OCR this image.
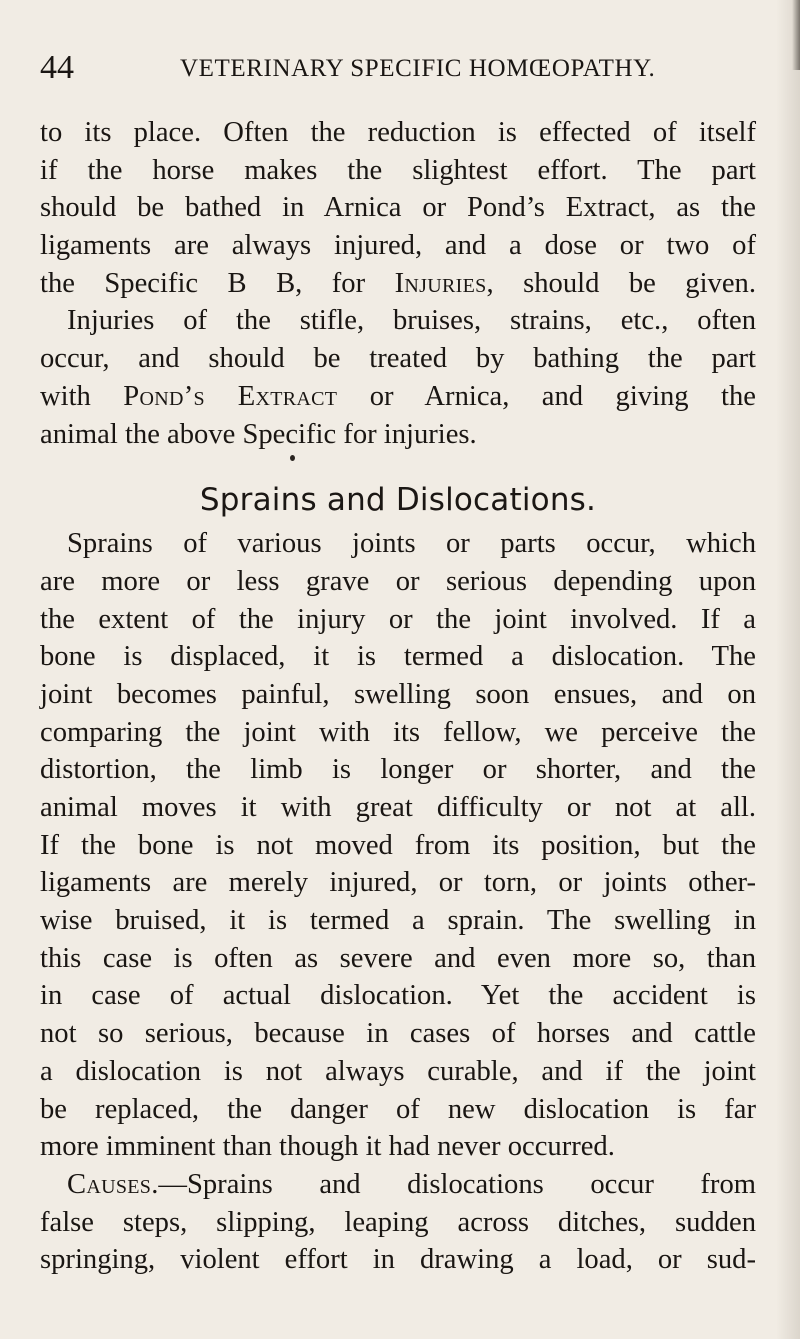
44	VETERINARY SPECIFIC HOMŒOPATHY.
to its place. Often the reduction is effected of itself
if the horse makes the slightest effort. The part
should be bathed in Arnica or Pond’s Extract, as the
ligaments are always injured, and a dose or two of
the Specific B B, for Injuries, should be given.
Injuries of the stifle, bruises, strains, etc., often
occur, and should be treated by bathing the part
with Pond’s Extract or Arnica, and giving the
animal the above Specific for injuries.
Sprains and Dislocations.
Sprains of various joints or parts occur, which
are more or less grave or serious depending upon
the extent of the injury or the joint involved. If a
bone is displaced, it is termed a dislocation. The
joint becomes painful, swelling soon ensues, and on
comparing the joint with its fellow, we perceive the
distortion, the limb is longer or shorter, and the
animal moves it with great difficulty or not at all.
If the bone is not moved from its position, but the
ligaments are merely injured, or torn, or joints other-
wise bruised, it is termed a sprain. The swelling in
this case is often as severe and even more so, than
in case of actual dislocation. Yet the accident is
not so serious, because in cases of horses and cattle
a dislocation is not always curable, and if the joint
be replaced, the danger of new dislocation is far
more imminent than though it had never occurred.
Causes.—Sprains and dislocations occur from
false steps, slipping, leaping across ditches, sudden
springing, violent effort in drawing a load, or sud-
